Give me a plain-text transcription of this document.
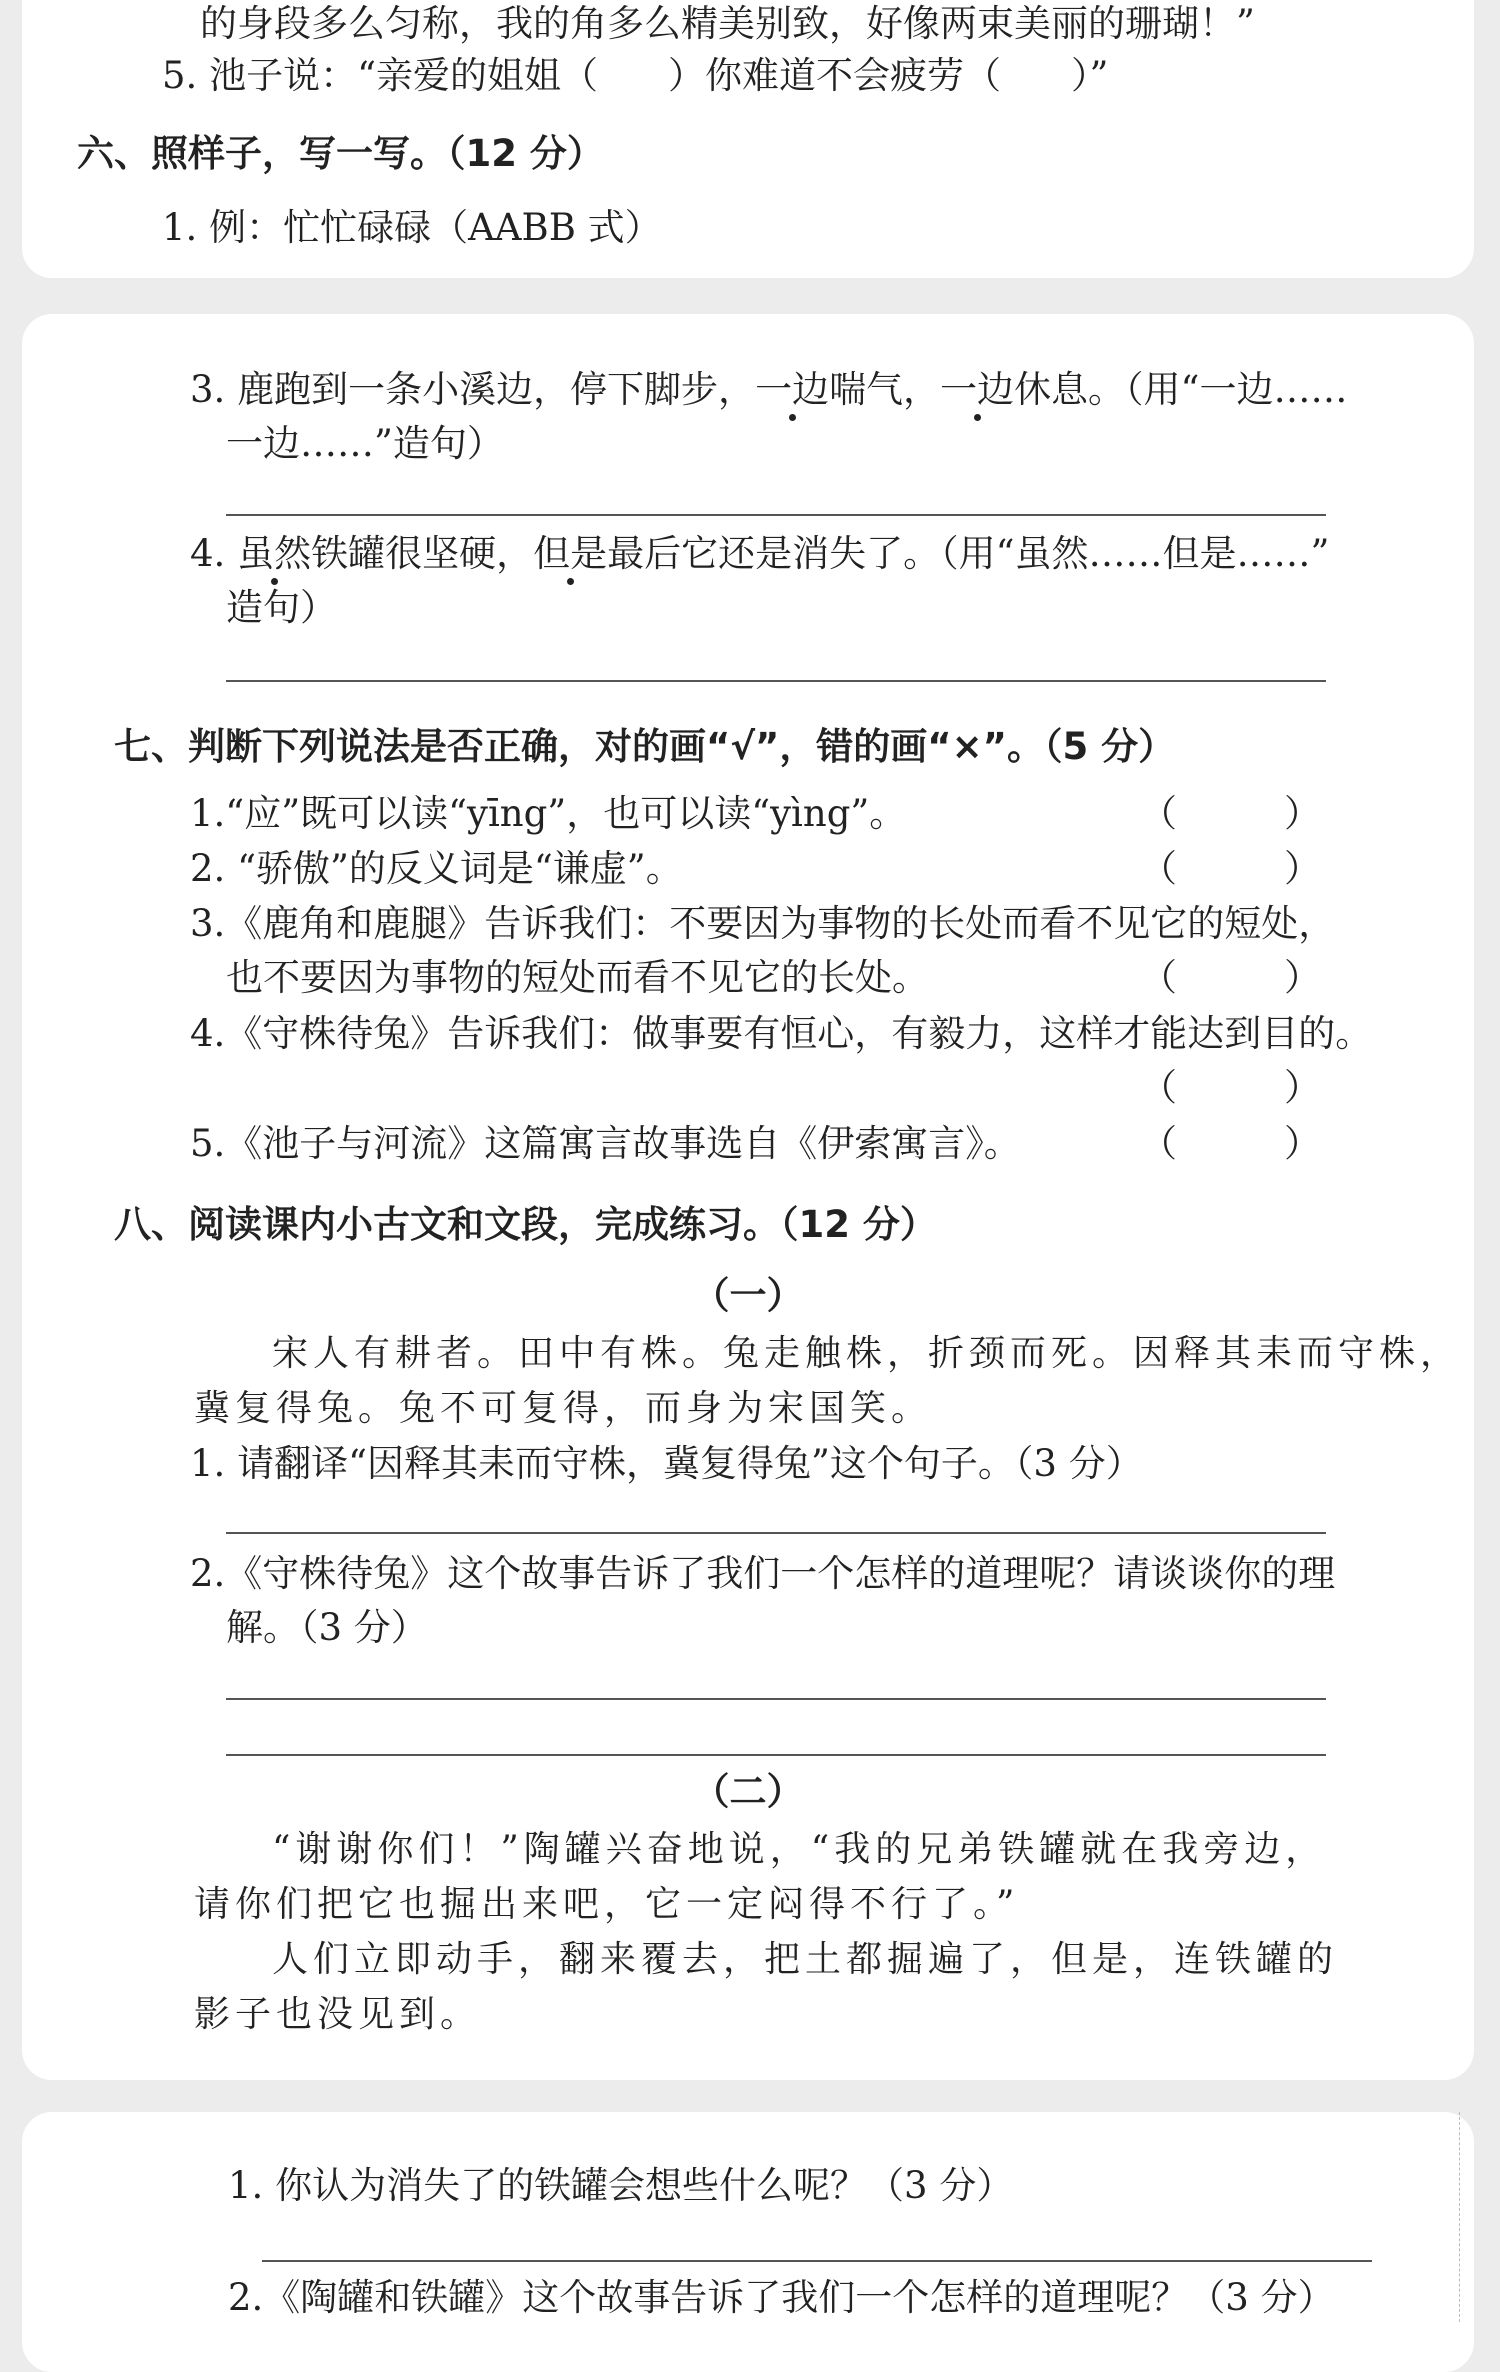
的身段多么匀称，我的角多么精美别致，好像两束美丽的珊瑚！”
5. 池子说：“亲爱的姐姐（ ）你难道不会疲劳（ ）”
六、照样子，写一写。（12 分）
1. 例：忙忙碌碌（AABB 式）
3. 鹿跑到一条小溪边，停下脚步，一边喘气，一边休息。（用“一边……
一边……”造句）
4. 虽然铁罐很坚硬，但是最后它还是消失了。（用“虽然……但是……”
造句）
七、判断下列说法是否正确，对的画“√”，错的画“×”。（5 分）
1.“应”既可以读“yīng”，也可以读“yìng”。	（	）
2. “骄傲”的反义词是“谦虚”。	（	）
3.《鹿角和鹿腿》告诉我们：不要因为事物的长处而看不见它的短处，
也不要因为事物的短处而看不见它的长处。	（	）
4.《守株待兔》告诉我们：做事要有恒心，有毅力，这样才能达到目的。
（	）
5.《池子与河流》这篇寓言故事选自《伊索寓言》。	（	）
八、阅读课内小古文和文段，完成练习。（12 分）
（一）
宋人有耕者。田中有株。兔走触株，折颈而死。因释其耒而守株，
冀复得兔。兔不可复得，而身为宋国笑。
1. 请翻译“因释其耒而守株，冀复得兔”这个句子。（3 分）
2.《守株待兔》这个故事告诉了我们一个怎样的道理呢？请谈谈你的理
解。（3 分）
（二）
“谢谢你们！”陶罐兴奋地说，“我的兄弟铁罐就在我旁边，
请你们把它也掘出来吧，它一定闷得不行了。”
人们立即动手，翻来覆去，把土都掘遍了，但是，连铁罐的
影子也没见到。
1. 你认为消失了的铁罐会想些什么呢？（3 分）
2.《陶罐和铁罐》这个故事告诉了我们一个怎样的道理呢？（3 分）
